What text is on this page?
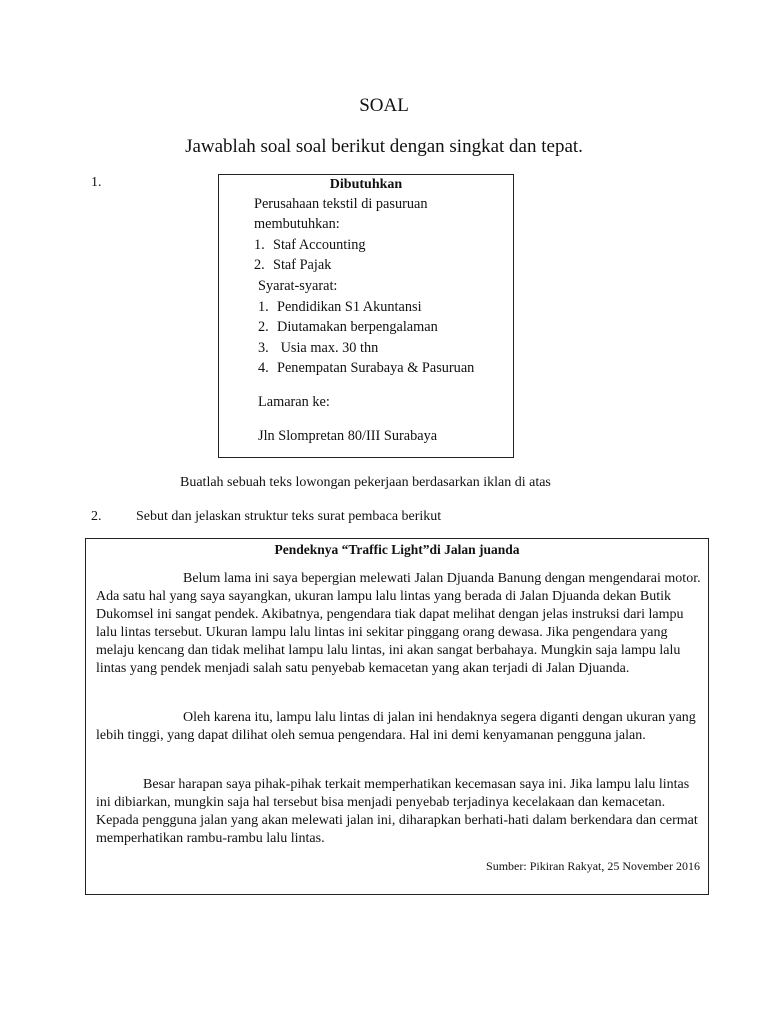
SOAL
Jawablah soal soal berikut dengan singkat dan tepat.
1.	Dibutuhkan
Perusahaan tekstil di pasuruan
membutuhkan:
1. Staf Accounting
2. Staf Pajak
Syarat-syarat:
1. Pendidikan S1 Akuntansi
2. Diutamakan berpengalaman
3. Usia max. 30 thn
4. Penempatan Surabaya & Pasuruan
Lamaran ke:
Jln Slompretan 80/III Surabaya
Buatlah sebuah teks lowongan pekerjaan berdasarkan iklan di atas
2. Sebut dan jelaskan struktur teks surat pembaca berikut
Pendeknya “Traffic Light”di Jalan juanda

Belum lama ini saya bepergian melewati Jalan Djuanda Banung dengan mengendarai motor. Ada satu hal yang saya sayangkan, ukuran lampu lalu lintas yang berada di Jalan Djuanda dekan Butik Dukomsel ini sangat pendek. Akibatnya, pengendara tiak dapat melihat dengan jelas instruksi dari lampu lalu lintas tersebut. Ukuran lampu lalu lintas ini sekitar pinggang orang dewasa. Jika pengendara yang melaju kencang dan tidak melihat lampu lalu lintas, ini akan sangat berbahaya. Mungkin saja lampu lalu lintas yang pendek menjadi salah satu penyebab kemacetan yang akan terjadi di Jalan Djuanda.

Oleh karena itu, lampu lalu lintas di jalan ini hendaknya segera diganti dengan ukuran yang lebih tinggi, yang dapat dilihat oleh semua pengendara. Hal ini demi kenyamanan pengguna jalan.

Besar harapan saya pihak-pihak terkait memperhatikan kecemasan saya ini. Jika lampu lalu lintas ini dibiarkan, mungkin saja hal tersebut bisa menjadi penyebab terjadinya kecelakaan dan kemacetan. Kepada pengguna jalan yang akan melewati jalan ini, diharapkan berhati-hati dalam berkendara dan cermat memperhatikan rambu-rambu lalu lintas.

Sumber: Pikiran Rakyat, 25 November 2016
